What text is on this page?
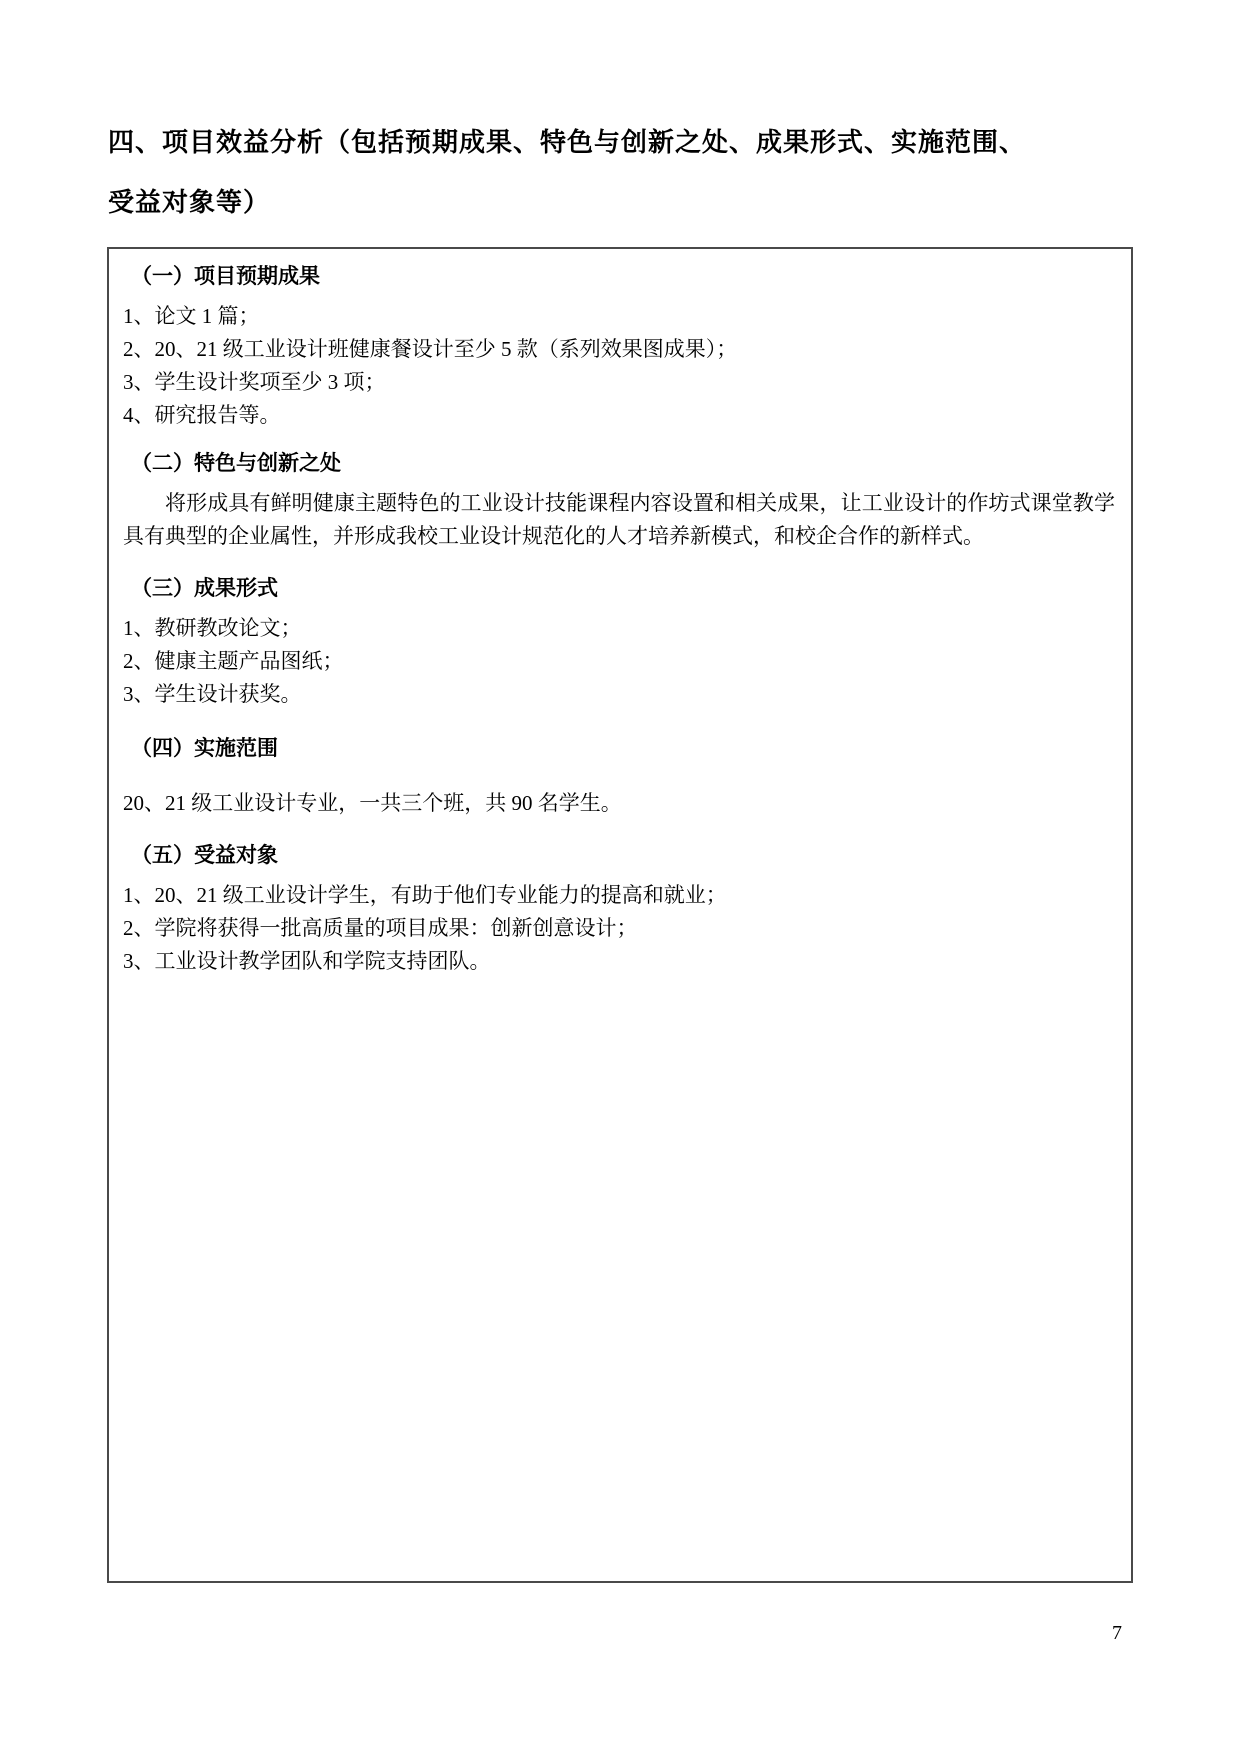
四、项目效益分析（包括预期成果、特色与创新之处、成果形式、实施范围、
受益对象等）
（一）项目预期成果
1、论文 1 篇；
2、20、21 级工业设计班健康餐设计至少 5 款（系列效果图成果）；
3、学生设计奖项至少 3 项；
4、研究报告等。
（二）特色与创新之处
将形成具有鲜明健康主题特色的工业设计技能课程内容设置和相关成果，让工业设计的作坊式课堂教学具有典型的企业属性，并形成我校工业设计规范化的人才培养新模式，和校企合作的新样式。
（三）成果形式
1、教研教改论文；
2、健康主题产品图纸；
3、学生设计获奖。
（四）实施范围
20、21 级工业设计专业，一共三个班，共 90 名学生。
（五）受益对象
1、20、21 级工业设计学生，有助于他们专业能力的提高和就业；
2、学院将获得一批高质量的项目成果：创新创意设计；
3、工业设计教学团队和学院支持团队。
7
